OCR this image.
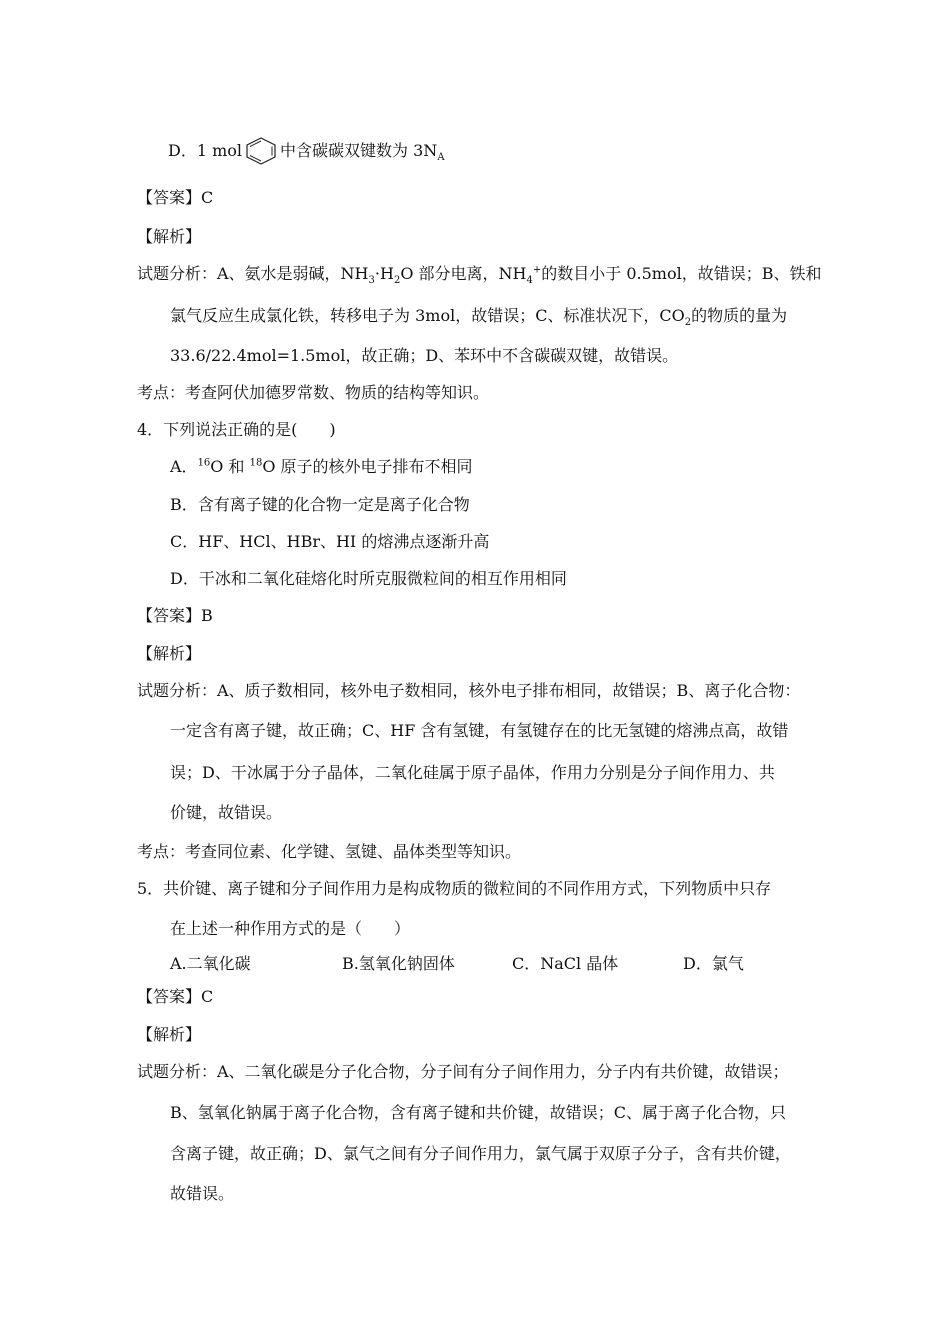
D．1 mol 中含碳碳双键数为 $3N_A$
【答案】C
【解析】
试题分析：A、氨水是弱碱，$NH_3\cdot H_2O$ 部分电离，$NH_4^+$的数目小于 0.5mol，故错误；B、铁和
氯气反应生成氯化铁，转移电子为 3mol，故错误；C、标准状况下，$CO_2$的物质的量为
33.6/22.4mol=1.5mol，故正确；D、苯环中不含碳碳双键，故错误。
考点：考查阿伏加德罗常数、物质的结构等知识。
4．下列说法正确的是(　　)
A．$^{16}$O 和 $^{18}$O 原子的核外电子排布不相同
B．含有离子键的化合物一定是离子化合物
C．HF、HCl、HBr、HI 的熔沸点逐渐升高
D．干冰和二氧化硅熔化时所克服微粒间的相互作用相同
【答案】B
【解析】
试题分析：A、质子数相同，核外电子数相同，核外电子排布相同，故错误；B、离子化合物：
一定含有离子键，故正确；C、HF 含有氢键，有氢键存在的比无氢键的熔沸点高，故错
误；D、干冰属于分子晶体，二氧化硅属于原子晶体，作用力分别是分子间作用力、共
价键，故错误。
考点：考查同位素、化学键、氢键、晶体类型等知识。
5．共价键、离子键和分子间作用力是构成物质的微粒间的不同作用方式，下列物质中只存
在上述一种作用方式的是（　　）
A.二氧化碳	B.氢氧化钠固体	C．NaCl 晶体	D．氯气
【答案】C
【解析】
试题分析：A、二氧化碳是分子化合物，分子间有分子间作用力，分子内有共价键，故错误；
B、氢氧化钠属于离子化合物，含有离子键和共价键，故错误；C、属于离子化合物，只
含离子键，故正确；D、氯气之间有分子间作用力，氯气属于双原子分子，含有共价键，
故错误。
